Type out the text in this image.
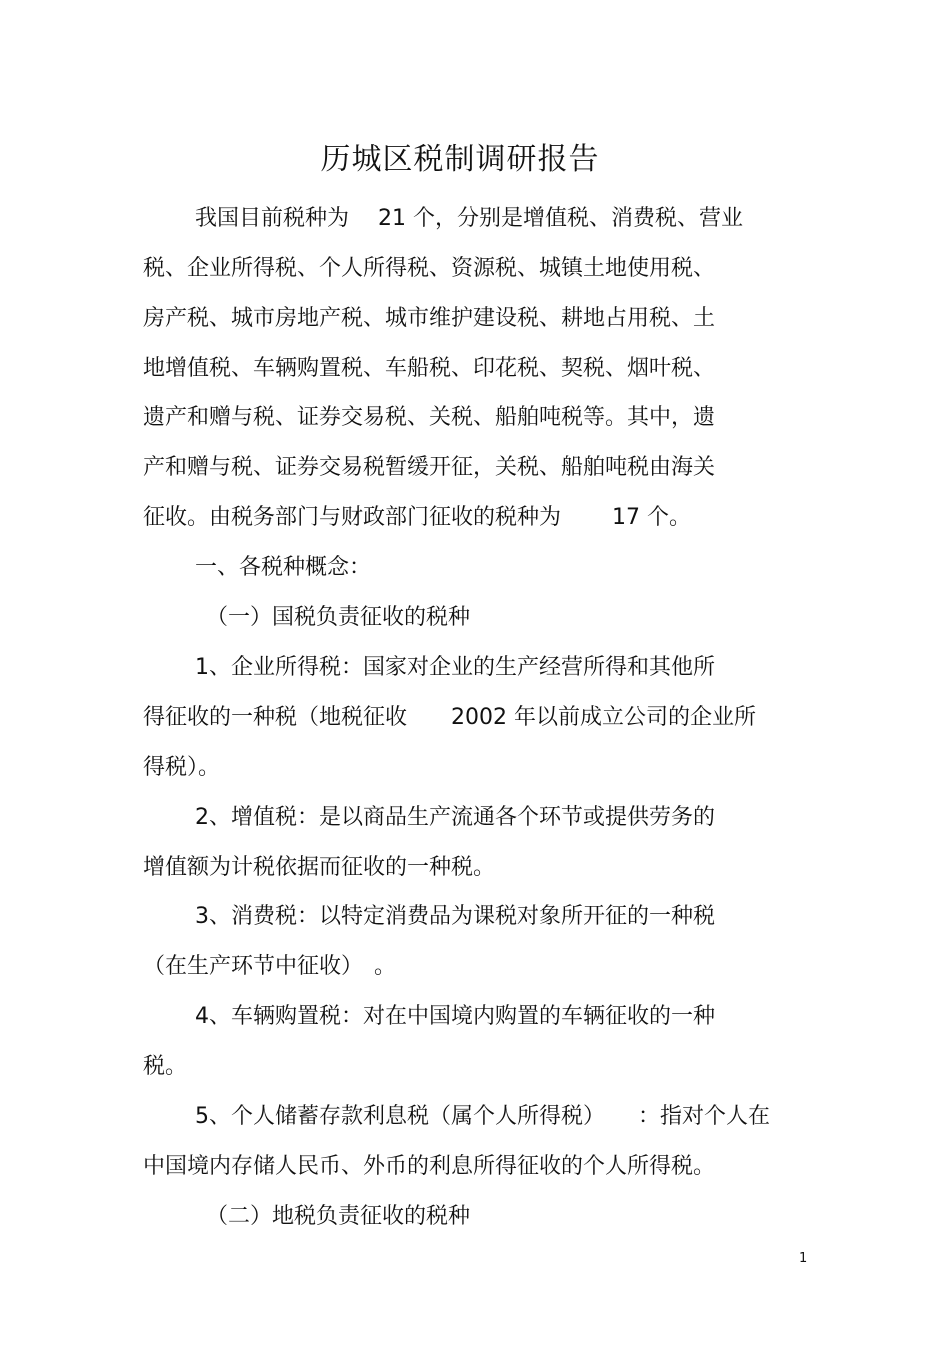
历城区税制调研报告

我国目前税种为　 21 个，分别是增值税、消费税、营业

税、企业所得税、个人所得税、资源税、城镇土地使用税、

房产税、城市房地产税、城市维护建设税、耕地占用税、土

地增值税、车辆购置税、车船税、印花税、契税、烟叶税、

遗产和赠与税、证券交易税、关税、船舶吨税等。其中，遗

产和赠与税、证券交易税暂缓开征，关税、船舶吨税由海关

征收。由税务部门与财政部门征收的税种为　　 17 个。

一、各税种概念：

（一）国税负责征收的税种

1、企业所得税：国家对企业的生产经营所得和其他所

得征收的一种税（地税征收　　2002 年以前成立公司的企业所

得税）。

2、增值税：是以商品生产流通各个环节或提供劳务的

增值额为计税依据而征收的一种税。

3、消费税：以特定消费品为课税对象所开征的一种税

（在生产环节中征收）　。

4、车辆购置税：对在中国境内购置的车辆征收的一种

税。

5、个人储蓄存款利息税（属个人所得税）　　：指对个人在

中国境内存储人民币、外币的利息所得征收的个人所得税。

（二）地税负责征收的税种

1
